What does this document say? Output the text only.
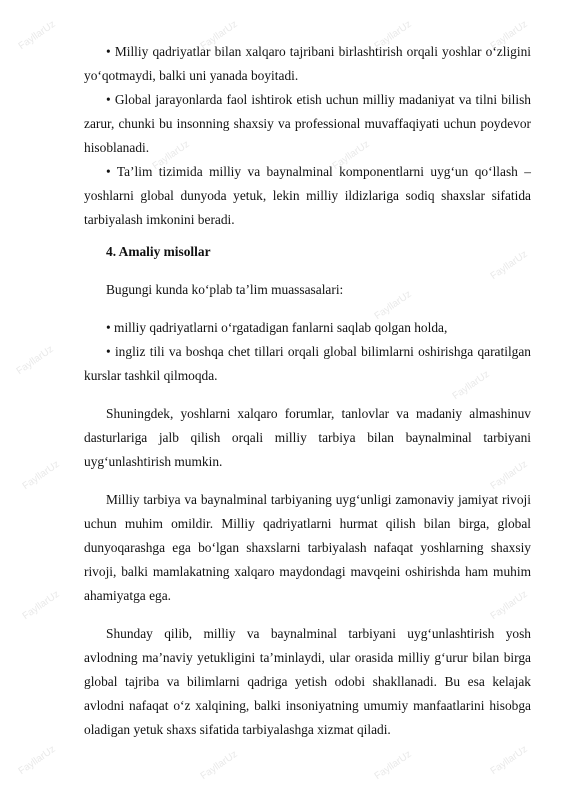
FayllarUz	FayllarUz	FayllarUz	FayllarUz
FayllarUz	FayllarUz
FayllarUz
FayllarUz
FayllarUz
FayllarUz
FayllarUz	FayllarUz
FayllarUz	FayllarUz
FayllarUz	FayllarUz	FayllarUz	FayllarUz

• Milliy qadriyatlar bilan xalqaro tajribani birlashtirish orqali yoshlar o‘zligini yo‘qotmaydi, balki uni yanada boyitadi.

• Global jarayonlarda faol ishtirok etish uchun milliy madaniyat va tilni bilish zarur, chunki bu insonning shaxsiy va professional muvaffaqiyati uchun poydevor hisoblanadi.

• Ta’lim tizimida milliy va baynalminal komponentlarni uyg‘un qo‘llash – yoshlarni global dunyoda yetuk, lekin milliy ildizlariga sodiq shaxslar sifatida tarbiyalash imkonini beradi.

4. Amaliy misollar

Bugungi kunda ko‘plab ta’lim muassasalari:

• milliy qadriyatlarni o‘rgatadigan fanlarni saqlab qolgan holda,

• ingliz tili va boshqa chet tillari orqali global bilimlarni oshirishga qaratilgan kurslar tashkil qilmoqda.

Shuningdek, yoshlarni xalqaro forumlar, tanlovlar va madaniy almashinuv dasturlariga jalb qilish orqali milliy tarbiya bilan baynalminal tarbiyani uyg‘unlashtirish mumkin.

Milliy tarbiya va baynalminal tarbiyaning uyg‘unligi zamonaviy jamiyat rivoji uchun muhim omildir. Milliy qadriyatlarni hurmat qilish bilan birga, global dunyoqarashga ega bo‘lgan shaxslarni tarbiyalash nafaqat yoshlarning shaxsiy rivoji, balki mamlakatning xalqaro maydondagi mavqeini oshirishda ham muhim ahamiyatga ega.

Shunday qilib, milliy va baynalminal tarbiyani uyg‘unlashtirish yosh avlodning ma’naviy yetukligini ta’minlaydi, ular orasida milliy g‘urur bilan birga global tajriba va bilimlarni qadriga yetish odobi shakllanadi. Bu esa kelajak avlodni nafaqat o‘z xalqining, balki insoniyatning umumiy manfaatlarini hisobga oladigan yetuk shaxs sifatida tarbiyalashga xizmat qiladi.
